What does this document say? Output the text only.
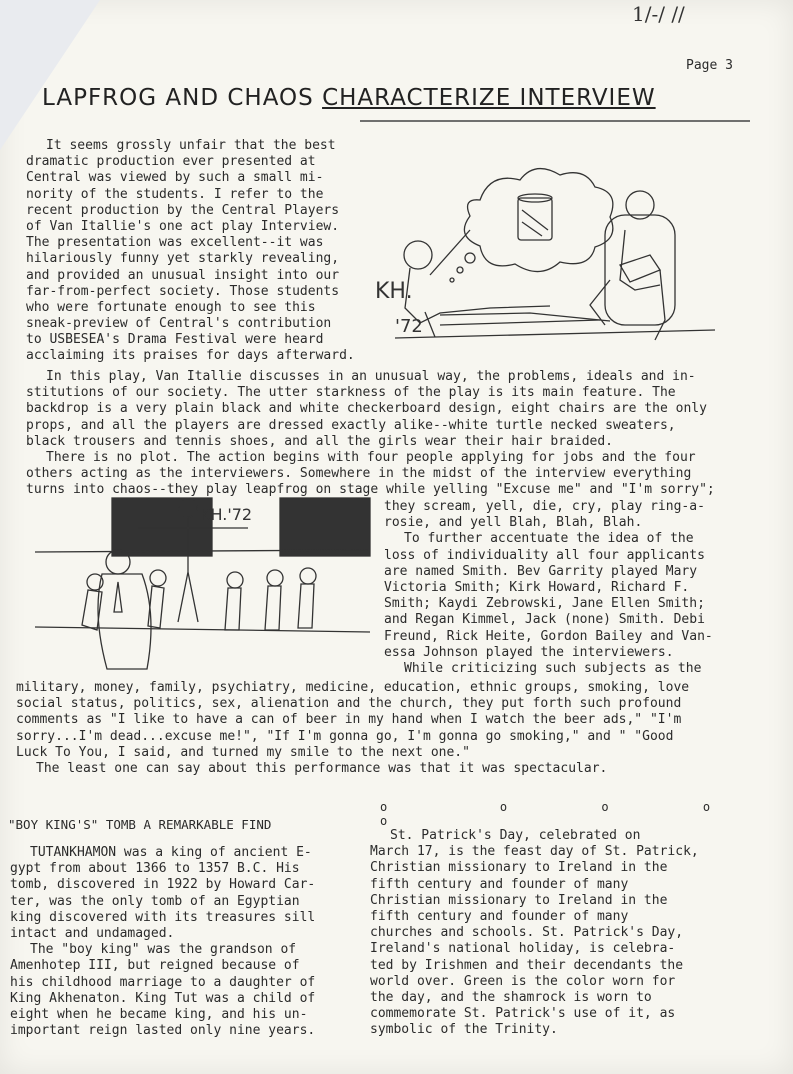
1/-/ //
Page 3
LAPFROG AND CHAOS CHARACTERIZE INTERVIEW
It seems grossly unfair that the best
dramatic production ever presented at
Central was viewed by such a small mi-
nority of the students. I refer to the
recent production by the Central Players
of Van Itallie's one act play Interview.
The presentation was excellent--it was
hilariously funny yet starkly revealing,
and provided an unusual insight into our
far-from-perfect society. Those students
who were fortunate enough to see this
sneak-preview of Central's contribution
to USBESEA's Drama Festival were heard
acclaiming its praises for days afterward.
KH.
'72
In this play, Van Itallie discusses in an unusual way, the problems, ideals and in-
stitutions of our society. The utter starkness of the play is its main feature. The
backdrop is a very plain black and white checkerboard design, eight chairs are the only
props, and all the players are dressed exactly alike--white turtle necked sweaters,
black trousers and tennis shoes, and all the girls wear their hair braided.
There is no plot. The action begins with four people applying for jobs and the four
others acting as the interviewers. Somewhere in the midst of the interview everything
turns into chaos--they play leapfrog on stage while yelling "Excuse me" and "I'm sorry";
KH.'72	they scream, yell, die, cry, play ring-a-
rosie, and yell Blah, Blah, Blah.
To further accentuate the idea of the
loss of individuality all four applicants
are named Smith. Bev Garrity played Mary
Victoria Smith; Kirk Howard, Richard F.
Smith; Kaydi Zebrowski, Jane Ellen Smith;
and Regan Kimmel, Jack (none) Smith. Debi
Freund, Rick Heite, Gordon Bailey and Van-
essa Johnson played the interviewers.
While criticizing such subjects as the
military, money, family, psychiatry, medicine, education, ethnic groups, smoking, love
social status, politics, sex, alienation and the church, they put forth such profound
comments as "I like to have a can of beer in my hand when I watch the beer ads," "I'm
sorry...I'm dead...excuse me!", "If I'm gonna go, I'm gonna go smoking," and " "Good
Luck To You, I said, and turned my smile to the next one."
The least one can say about this performance was that it was spectacular.
o            o          o          o         o
"BOY KING'S" TOMB A REMARKABLE FIND
TUTANKHAMON was a king of ancient E-
gypt from about 1366 to 1357 B.C. His
tomb, discovered in 1922 by Howard Car-
ter, was the only tomb of an Egyptian
king discovered with its treasures sill
intact and undamaged.
The "boy king" was the grandson of
Amenhotep III, but reigned because of
his childhood marriage to a daughter of
King Akhenaton. King Tut was a child of
eight when he became king, and his un-
important reign lasted only nine years.
St. Patrick's Day, celebrated on
March 17, is the feast day of St. Patrick,
Christian missionary to Ireland in the
fifth century and founder of many
Christian missionary to Ireland in the
fifth century and founder of many
churches and schools. St. Patrick's Day,
Ireland's national holiday, is celebra-
ted by Irishmen and their decendants the
world over. Green is the color worn for
the day, and the shamrock is worn to
commemorate St. Patrick's use of it, as
symbolic of the Trinity.
